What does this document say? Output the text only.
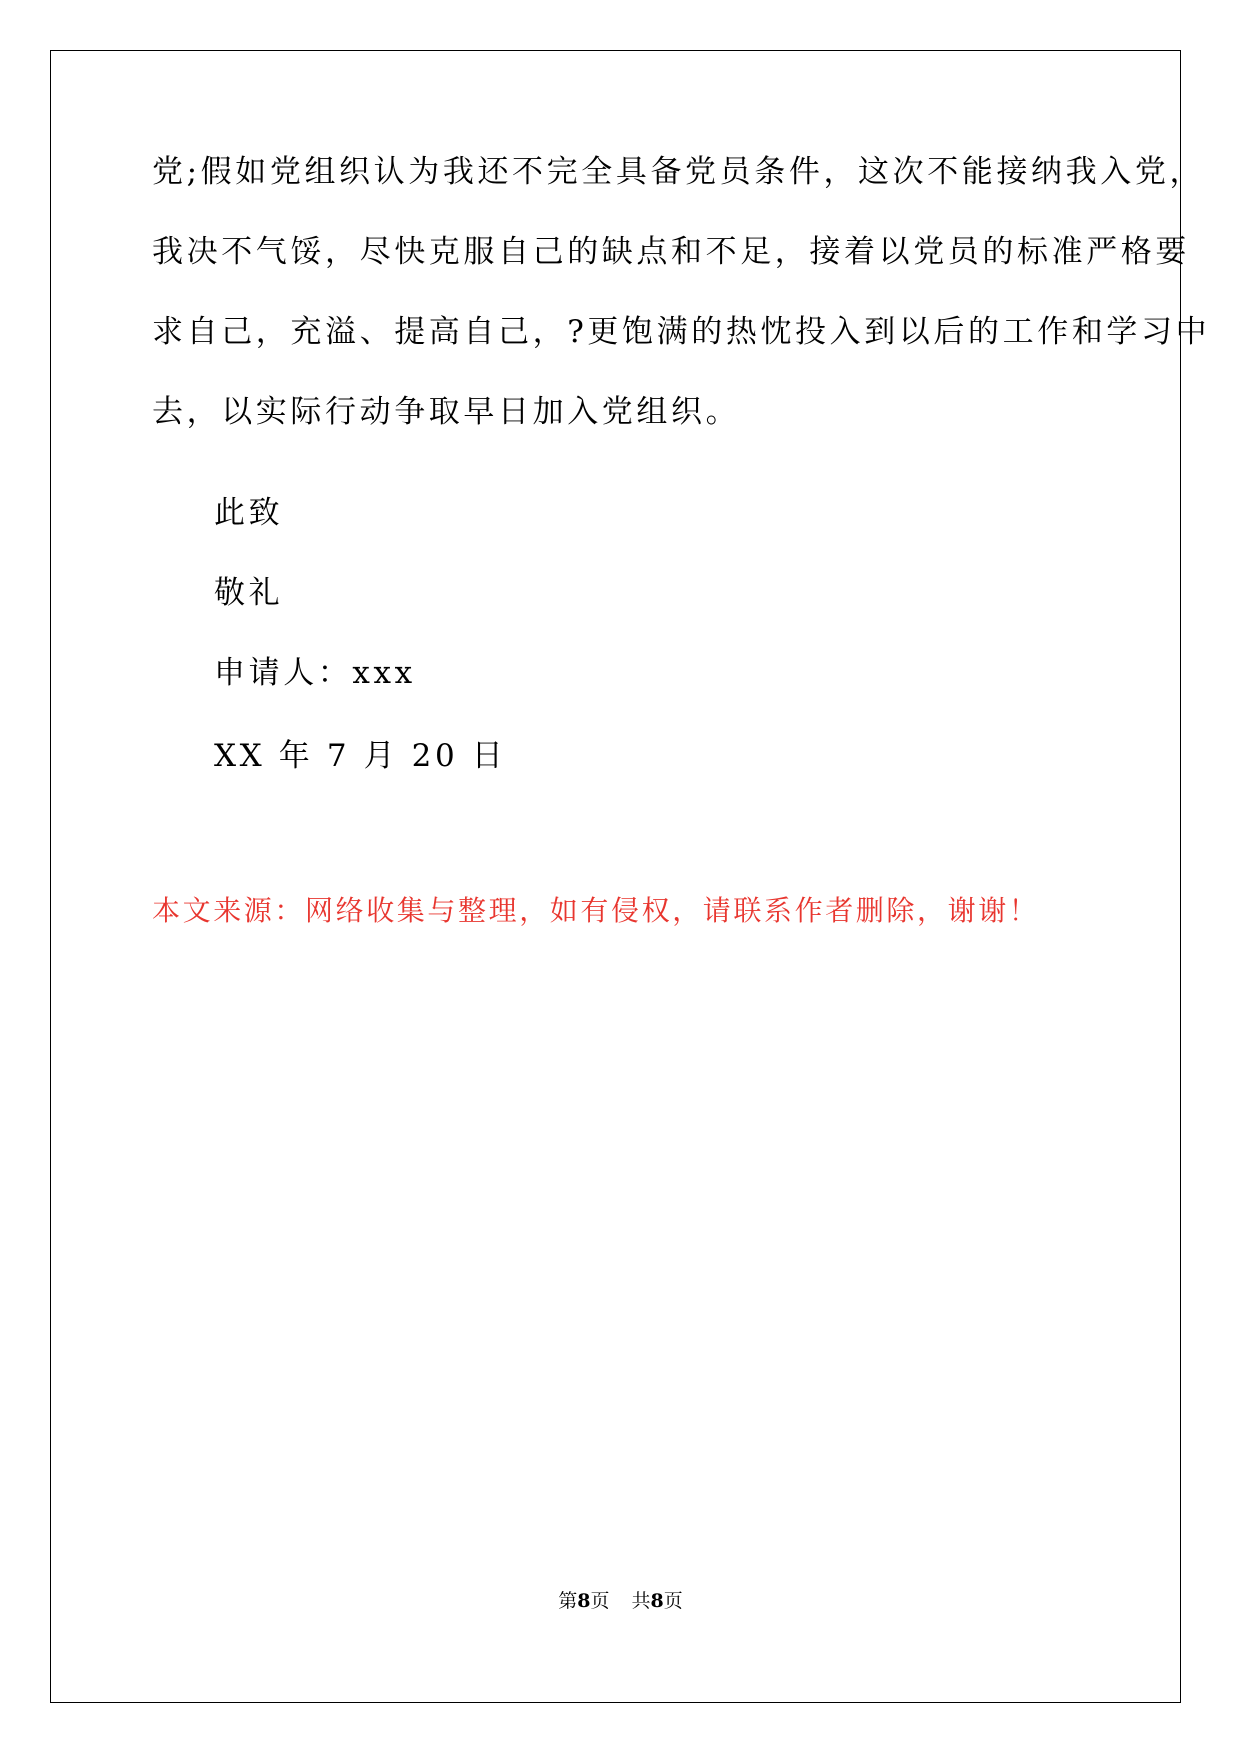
党;假如党组织认为我还不完全具备党员条件，这次不能接纳我入党，
我决不气馁，尽快克服自己的缺点和不足，接着以党员的标准严格要
求自己，充溢、提高自己，?更饱满的热忱投入到以后的工作和学习中
去，以实际行动争取早日加入党组织。
此致
敬礼
申请人：xxx
XX 年 7 月 20 日
本文来源：网络收集与整理，如有侵权，请联系作者删除，谢谢！
第8页 共8页
